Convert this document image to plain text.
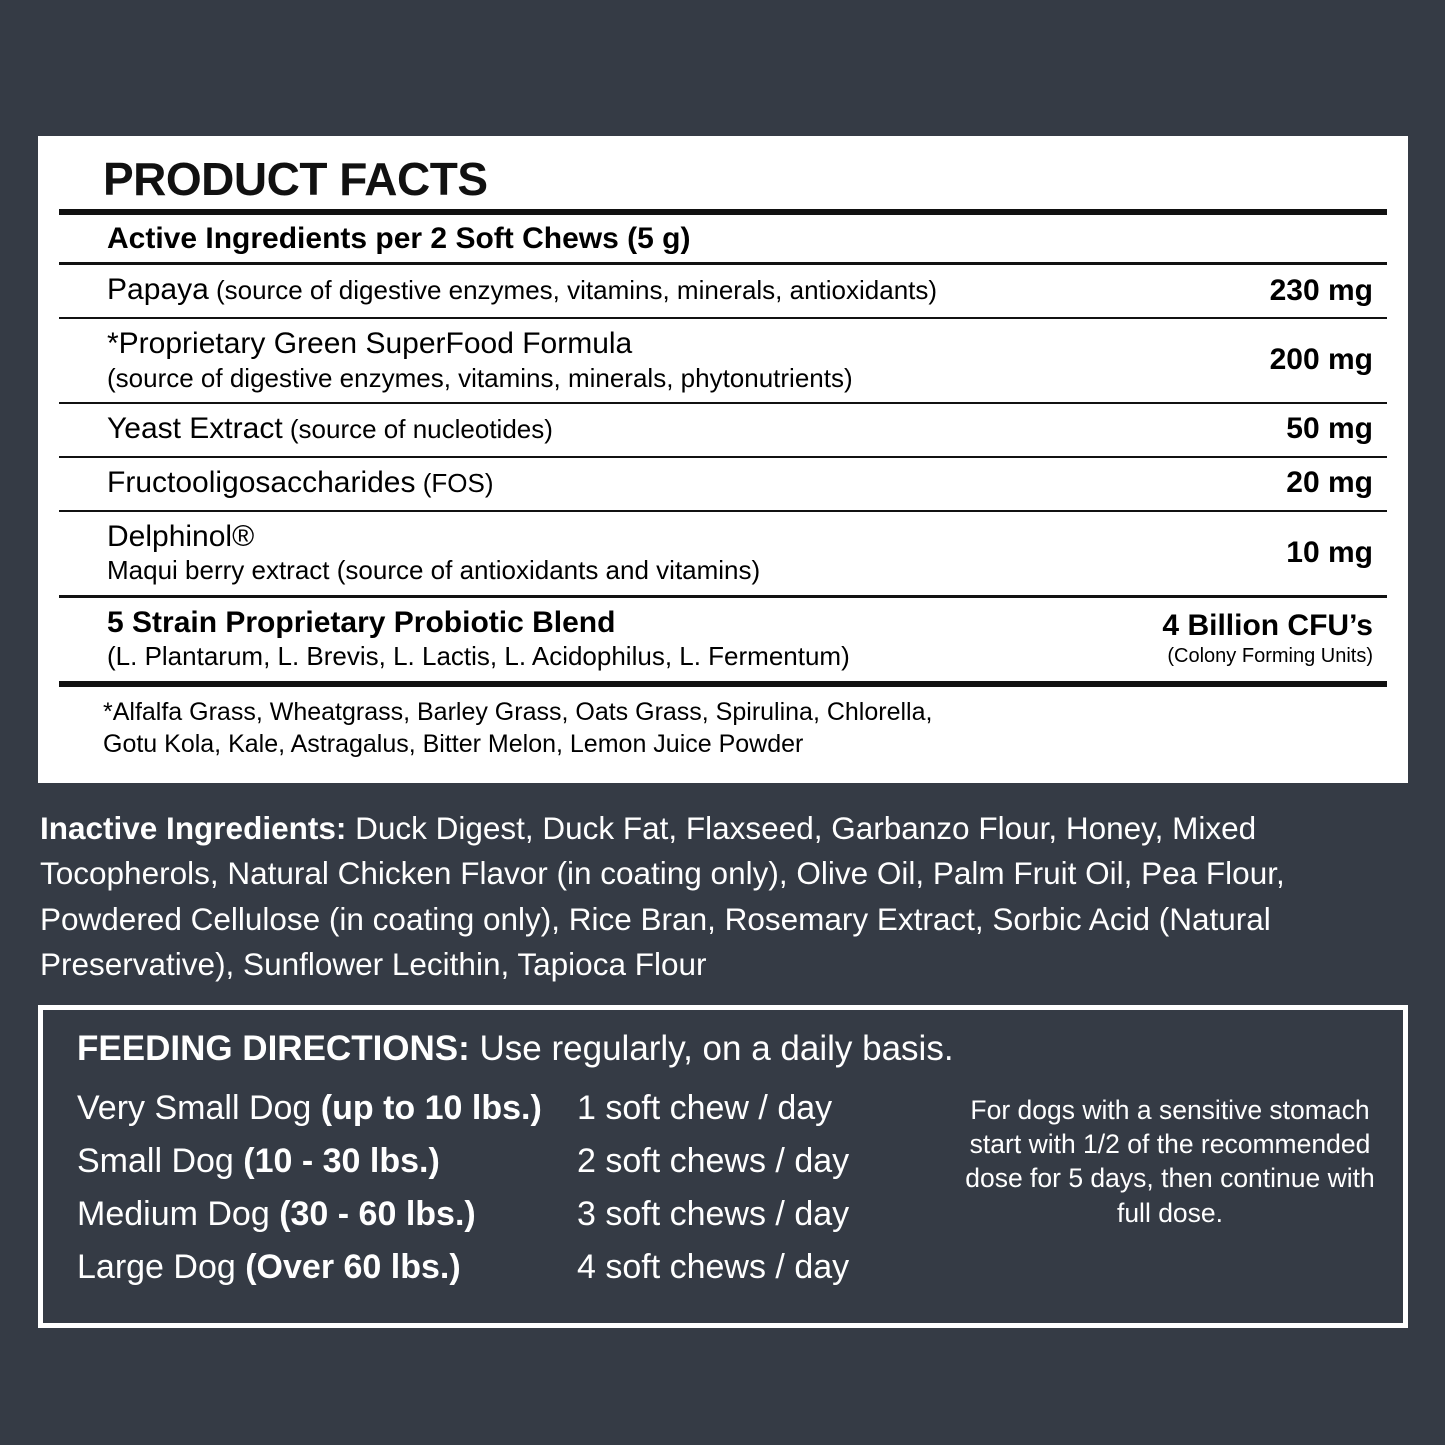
PRODUCT FACTS
Active Ingredients per 2 Soft Chews (5 g)
Papaya (source of digestive enzymes, vitamins, minerals, antioxidants)	230 mg
*Proprietary Green SuperFood Formula
(source of digestive enzymes, vitamins, minerals, phytonutrients)
200 mg
Yeast Extract (source of nucleotides)	50 mg
Fructooligosaccharides (FOS)	20 mg
Delphinol®
Maqui berry extract (source of antioxidants and vitamins)
10 mg
5 Strain Proprietary Probiotic Blend
(L. Plantarum, L. Brevis, L. Lactis, L. Acidophilus, L. Fermentum)
4 Billion CFU’s
(Colony Forming Units)
*Alfalfa Grass, Wheatgrass, Barley Grass, Oats Grass, Spirulina, Chlorella,
Gotu Kola, Kale, Astragalus, Bitter Melon, Lemon Juice Powder
Inactive Ingredients: Duck Digest, Duck Fat, Flaxseed, Garbanzo Flour, Honey, Mixed Tocopherols, Natural Chicken Flavor (in coating only), Olive Oil, Palm Fruit Oil, Pea Flour, Powdered Cellulose (in coating only), Rice Bran, Rosemary Extract, Sorbic Acid (Natural Preservative), Sunflower Lecithin, Tapioca Flour
FEEDING DIRECTIONS: Use regularly, on a daily basis.
Very Small Dog (up to 10 lbs.)	1 soft chew / day
Small Dog (10 - 30 lbs.)	2 soft chews / day
Medium Dog (30 - 60 lbs.)	3 soft chews / day
Large Dog (Over 60 lbs.)	4 soft chews / day
For dogs with a sensitive stomach start with 1/2 of the recommended dose for 5 days, then continue with full dose.
